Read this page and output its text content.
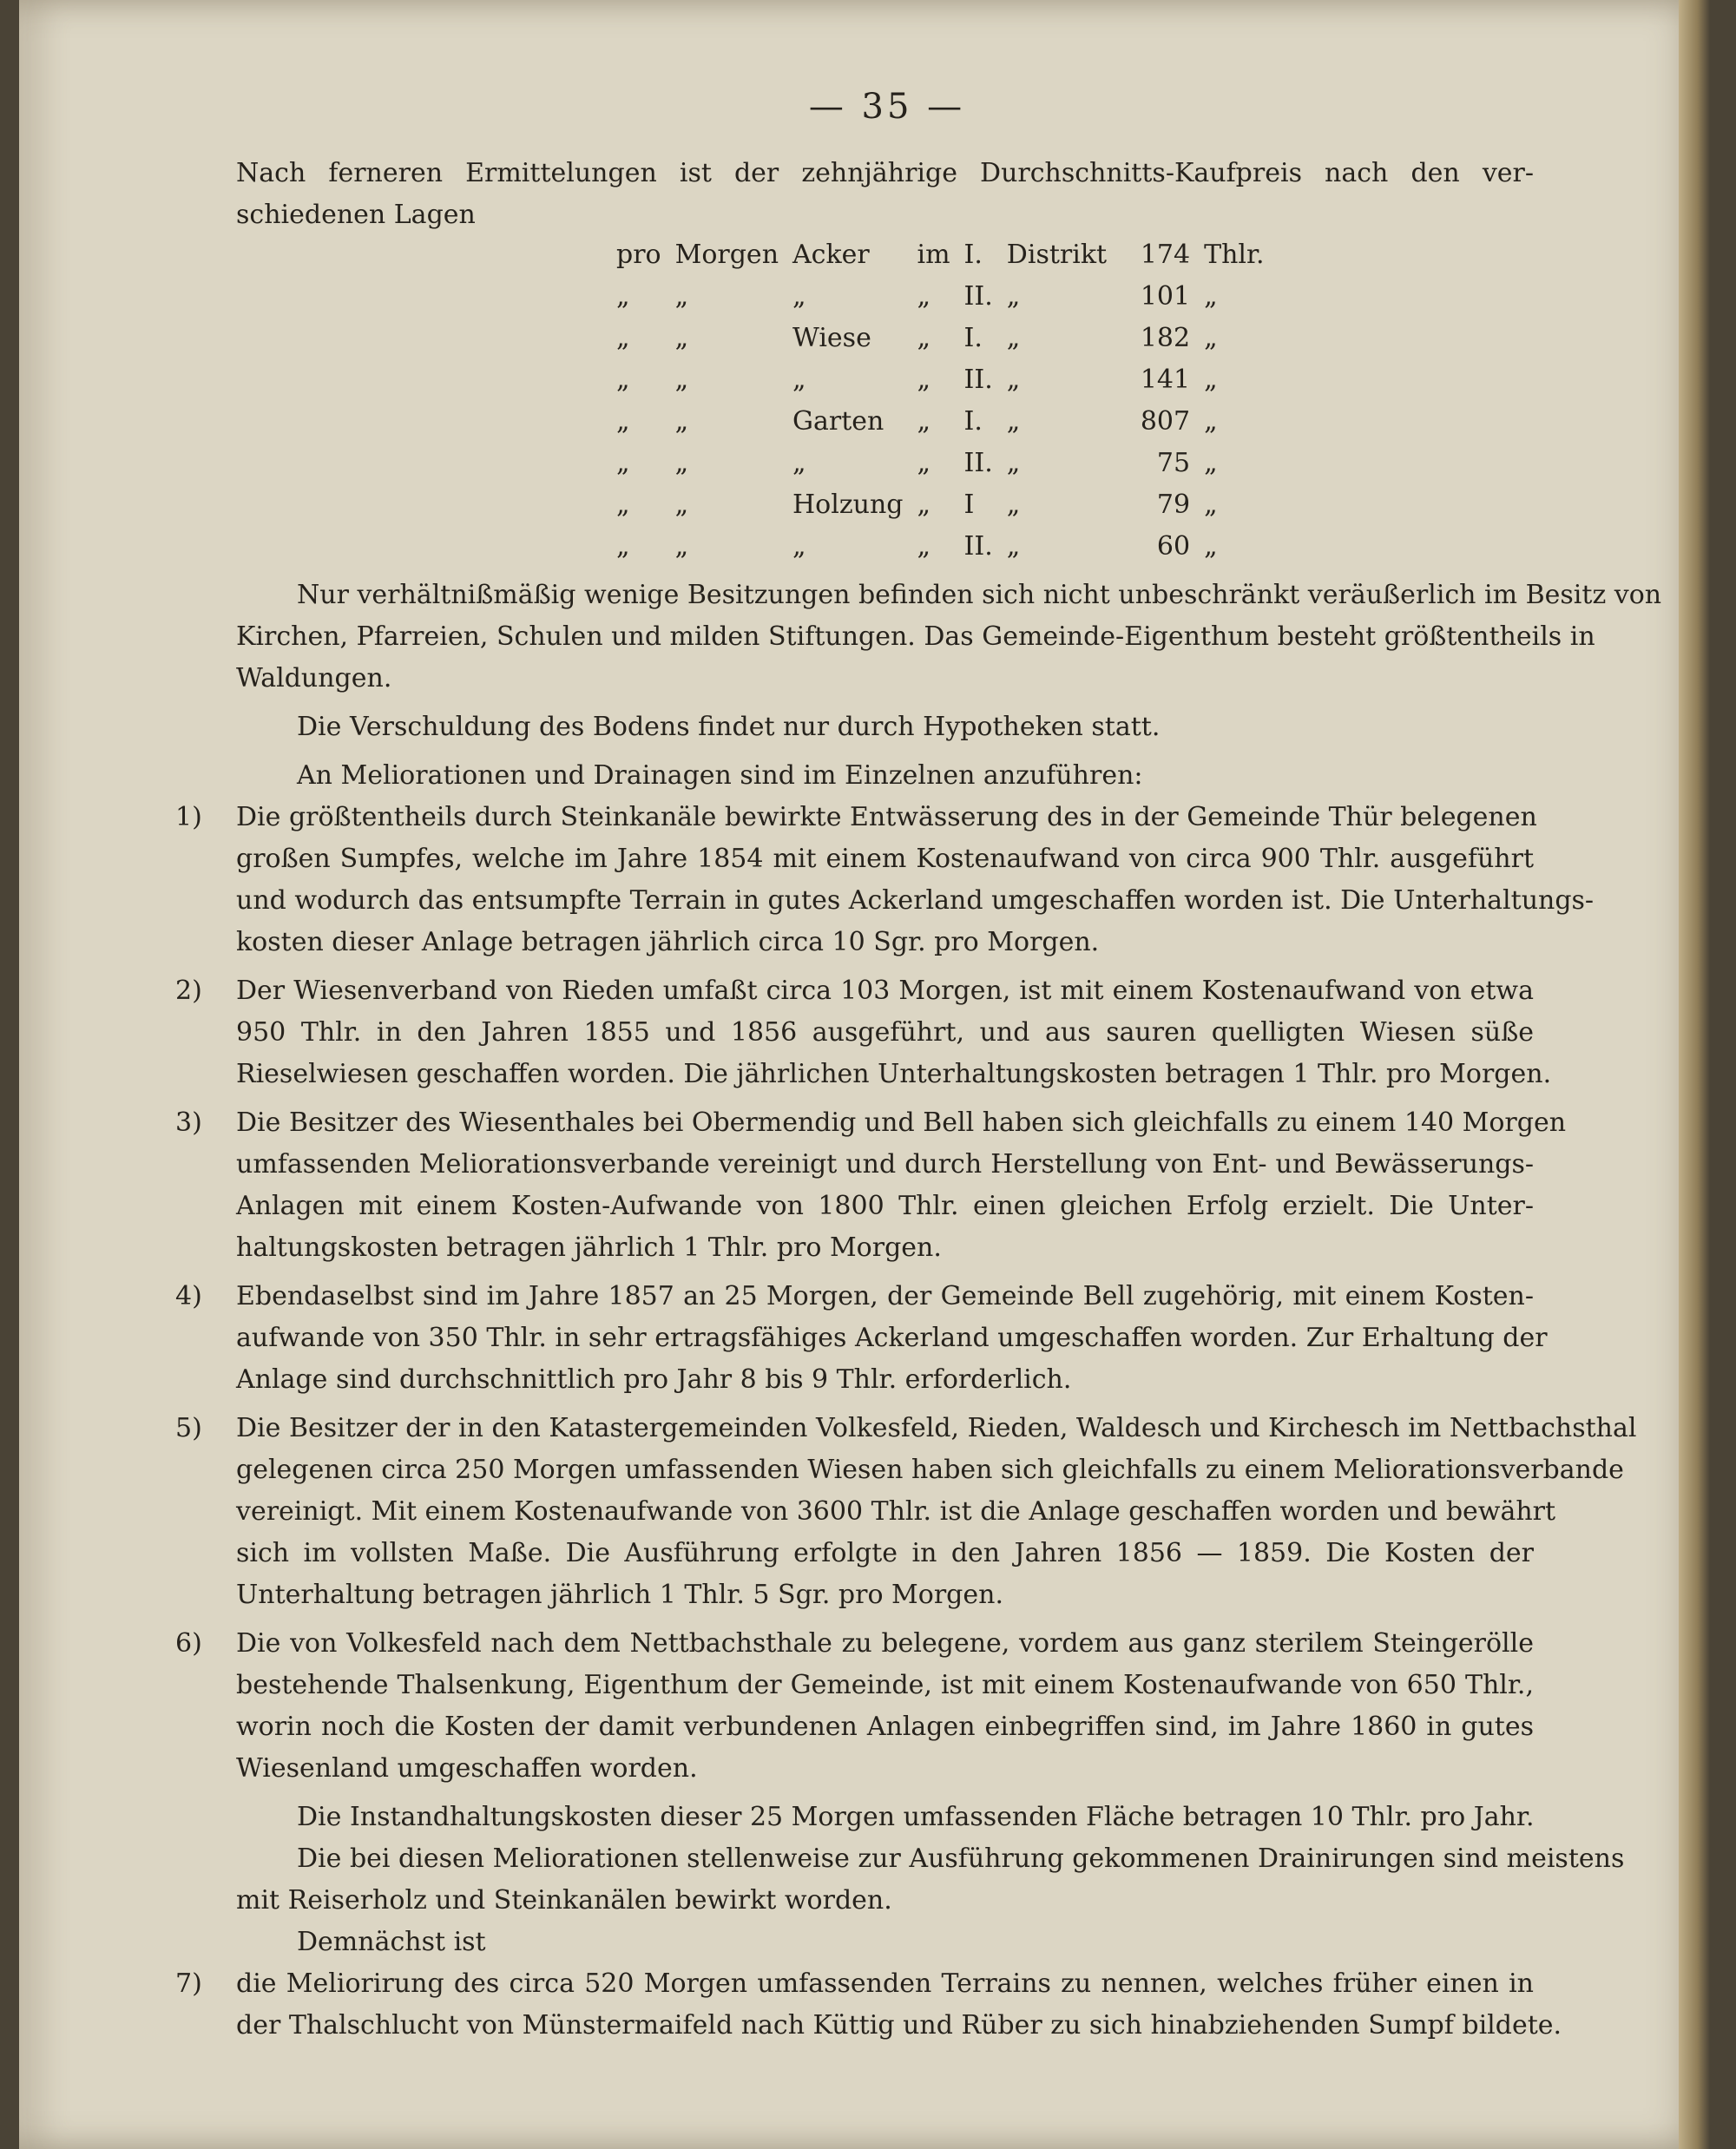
— 35 —
Nach ferneren Ermittelungen ist der zehnjährige Durchschnitts-Kaufpreis nach den ver-
schiedenen Lagen
pro	Morgen	Acker	im	I.	Distrikt	174	Thlr.
„	„	„	„	II.	„	101	„
„	„	Wiese	„	I.	„	182	„
„	„	„	„	II.	„	141	„
„	„	Garten	„	I.	„	807	„
„	„	„	„	II.	„	75	„
„	„	Holzung	„	I	„	79	„
„	„	„	„	II.	„	60	„
Nur verhältnißmäßig wenige Besitzungen befinden sich nicht unbeschränkt veräußerlich im Besitz von
Kirchen, Pfarreien, Schulen und milden Stiftungen. Das Gemeinde-Eigenthum besteht größtentheils in
Waldungen.
Die Verschuldung des Bodens findet nur durch Hypotheken statt.
An Meliorationen und Drainagen sind im Einzelnen anzuführen:
1) Die größtentheils durch Steinkanäle bewirkte Entwässerung des in der Gemeinde Thür belegenen
großen Sumpfes, welche im Jahre 1854 mit einem Kostenaufwand von circa 900 Thlr. ausgeführt
und wodurch das entsumpfte Terrain in gutes Ackerland umgeschaffen worden ist. Die Unterhaltungs-
kosten dieser Anlage betragen jährlich circa 10 Sgr. pro Morgen.
2) Der Wiesenverband von Rieden umfaßt circa 103 Morgen, ist mit einem Kostenaufwand von etwa
950 Thlr. in den Jahren 1855 und 1856 ausgeführt, und aus sauren quelligten Wiesen süße
Rieselwiesen geschaffen worden. Die jährlichen Unterhaltungskosten betragen 1 Thlr. pro Morgen.
3) Die Besitzer des Wiesenthales bei Obermendig und Bell haben sich gleichfalls zu einem 140 Morgen
umfassenden Meliorationsverbande vereinigt und durch Herstellung von Ent- und Bewässerungs-
Anlagen mit einem Kosten-Aufwande von 1800 Thlr. einen gleichen Erfolg erzielt. Die Unter-
haltungskosten betragen jährlich 1 Thlr. pro Morgen.
4) Ebendaselbst sind im Jahre 1857 an 25 Morgen, der Gemeinde Bell zugehörig, mit einem Kosten-
aufwande von 350 Thlr. in sehr ertragsfähiges Ackerland umgeschaffen worden. Zur Erhaltung der
Anlage sind durchschnittlich pro Jahr 8 bis 9 Thlr. erforderlich.
5) Die Besitzer der in den Katastergemeinden Volkesfeld, Rieden, Waldesch und Kirchesch im Nettbachsthal
gelegenen circa 250 Morgen umfassenden Wiesen haben sich gleichfalls zu einem Meliorationsverbande
vereinigt. Mit einem Kostenaufwande von 3600 Thlr. ist die Anlage geschaffen worden und bewährt
sich im vollsten Maße. Die Ausführung erfolgte in den Jahren 1856 — 1859. Die Kosten der
Unterhaltung betragen jährlich 1 Thlr. 5 Sgr. pro Morgen.
6) Die von Volkesfeld nach dem Nettbachsthale zu belegene, vordem aus ganz sterilem Steingerölle
bestehende Thalsenkung, Eigenthum der Gemeinde, ist mit einem Kostenaufwande von 650 Thlr.,
worin noch die Kosten der damit verbundenen Anlagen einbegriffen sind, im Jahre 1860 in gutes
Wiesenland umgeschaffen worden.
Die Instandhaltungskosten dieser 25 Morgen umfassenden Fläche betragen 10 Thlr. pro Jahr.
Die bei diesen Meliorationen stellenweise zur Ausführung gekommenen Drainirungen sind meistens
mit Reiserholz und Steinkanälen bewirkt worden.
Demnächst ist
7) die Meliorirung des circa 520 Morgen umfassenden Terrains zu nennen, welches früher einen in
der Thalschlucht von Münstermaifeld nach Küttig und Rüber zu sich hinabziehenden Sumpf bildete.
